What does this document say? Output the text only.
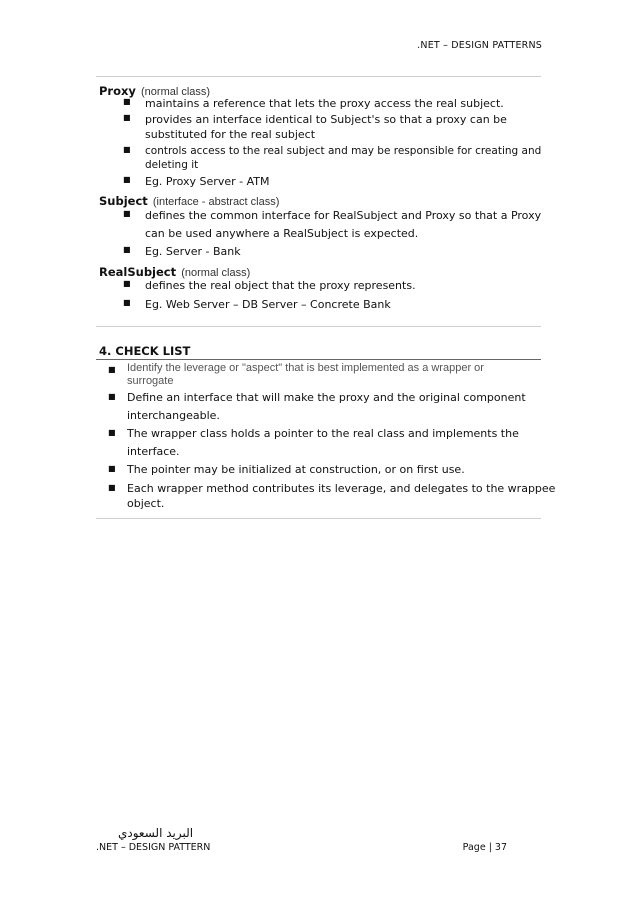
.NET – DESIGN PATTERNS
Proxy (normal class)
■ maintains a reference that lets the proxy access the real subject.
■ provides an interface identical to Subject's so that a proxy can be
substituted for the real subject
■ controls access to the real subject and may be responsible for creating and
deleting it
■ Eg. Proxy Server - ATM
Subject (interface - abstract class)
■ defines the common interface for RealSubject and Proxy so that a Proxy
can be used anywhere a RealSubject is expected.
■ Eg. Server - Bank
RealSubject (normal class)
■ defines the real object that the proxy represents.
■ Eg. Web Server – DB Server – Concrete Bank
4. CHECK LIST
■ Identify the leverage or "aspect" that is best implemented as a wrapper or
surrogate
■ Define an interface that will make the proxy and the original component
interchangeable.
■ The wrapper class holds a pointer to the real class and implements the
interface.
■ The pointer may be initialized at construction, or on first use.
■ Each wrapper method contributes its leverage, and delegates to the wrappee
object.
البريد السعودي
.NET – DESIGN PATTERN	Page | 37
